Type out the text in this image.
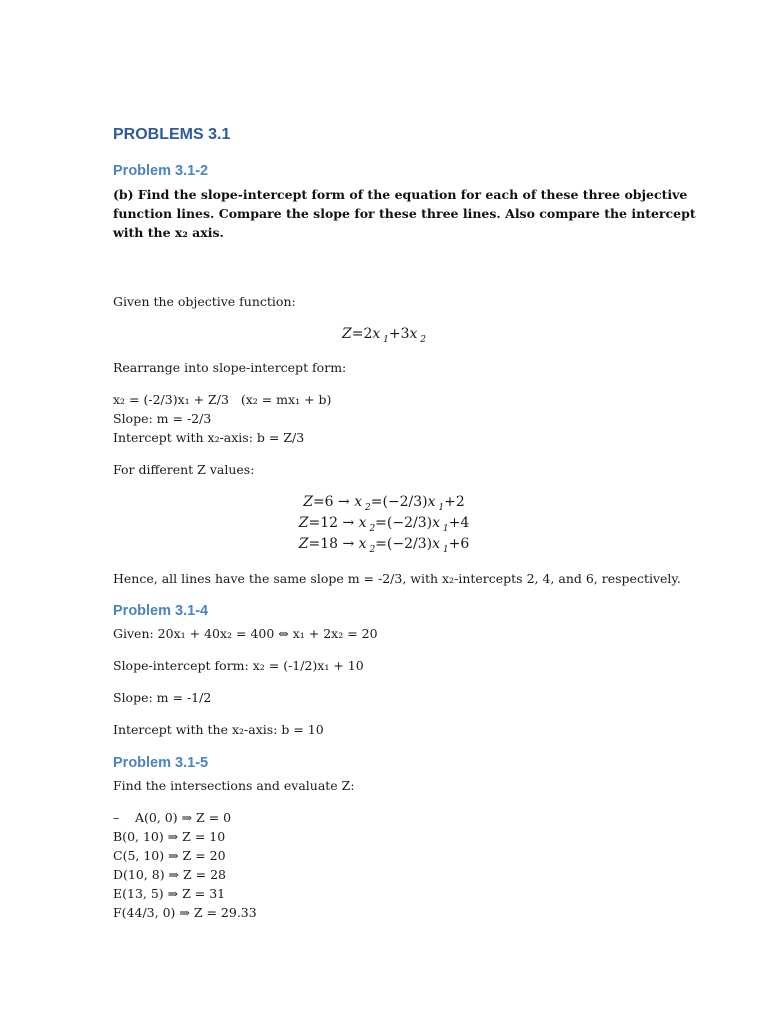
PROBLEMS 3.1
Problem 3.1-2
(b) Find the slope-intercept form of the equation for each of these three objective
function lines. Compare the slope for these three lines. Also compare the intercept
with the x₂ axis.
Given the objective function:
Z=2x $_1$+3x $_2$
Rearrange into slope-intercept form:
x₂ = (-2/3)x₁ + Z/3   (x₂ = mx₁ + b)
Slope: m = -2/3
Intercept with x₂-axis: b = Z/3
For different Z values:
Z=6 → x $_2$=(−2/3)x $_1$+2
Z=12 → x $_2$=(−2/3)x $_1$+4
Z=18 → x $_2$=(−2/3)x $_1$+6
Hence, all lines have the same slope m = -2/3, with x₂-intercepts 2, 4, and 6, respectively.
Problem 3.1-4
Given: 20x₁ + 40x₂ = 400 ⇔ x₁ + 2x₂ = 20
Slope-intercept form: x₂ = (-1/2)x₁ + 10
Slope: m = -1/2
Intercept with the x₂-axis: b = 10
Problem 3.1-5
Find the intersections and evaluate Z:
– A(0, 0) ⇒ Z = 0
B(0, 10) ⇒ Z = 10
C(5, 10) ⇒ Z = 20
D(10, 8) ⇒ Z = 28
E(13, 5) ⇒ Z = 31
F(44/3, 0) ⇒ Z = 29.33
